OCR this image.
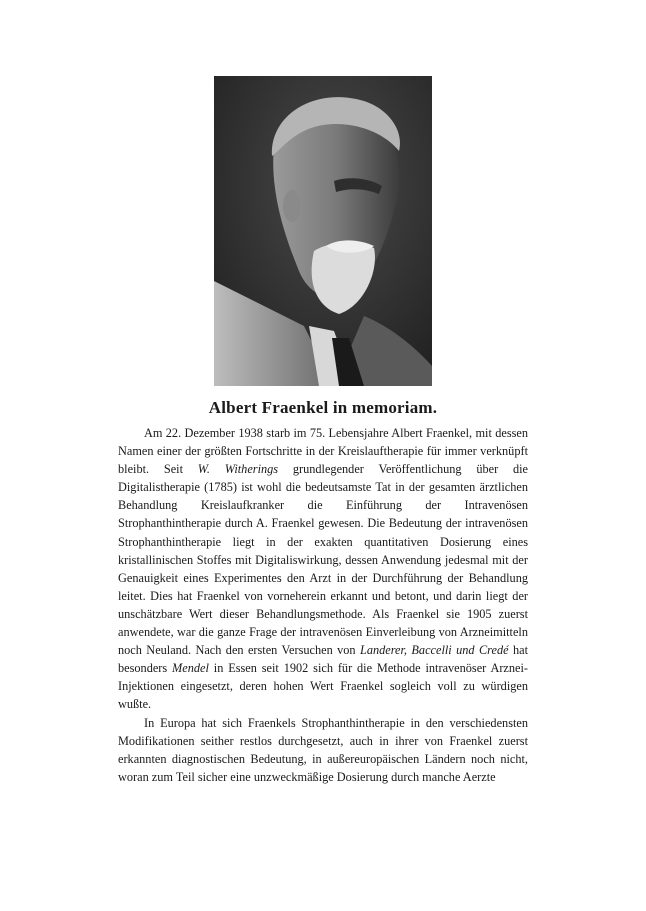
Albert Fraenkel in memoriam.

Am 22. Dezember 1938 starb im 75. Lebensjahre Albert Fraenkel, mit dessen Namen einer der größten Fortschritte in der Kreislauftherapie für immer verknüpft bleibt. Seit W. Witherings grundlegender Veröffentlichung über die Digitalistherapie (1785) ist wohl die bedeutsamste Tat in der gesamten ärztlichen Behandlung Kreislaufkranker die Einführung der Intravenösen Strophanthintherapie durch A. Fraenkel gewesen. Die Bedeutung der intravenösen Strophanthintherapie liegt in der exakten quantitativen Dosierung eines kristallinischen Stoffes mit Digitaliswirkung, dessen Anwendung jedesmal mit der Genauigkeit eines Experimentes den Arzt in der Durchführung der Behandlung leitet. Dies hat Fraenkel von vorneherein erkannt und betont, und darin liegt der unschätzbare Wert dieser Behandlungsmethode. Als Fraenkel sie 1905 zuerst anwendete, war die ganze Frage der intravenösen Einverleibung von Arzneimitteln noch Neuland. Nach den ersten Versuchen von Landerer, Baccelli und Credé hat besonders Mendel in Essen seit 1902 sich für die Methode intravenöser Arznei-Injektionen eingesetzt, deren hohen Wert Fraenkel sogleich voll zu würdigen wußte.

In Europa hat sich Fraenkels Strophanthintherapie in den verschiedensten Modifikationen seither restlos durchgesetzt, auch in ihrer von Fraenkel zuerst erkannten diagnostischen Bedeutung, in außereuropäischen Ländern noch nicht, woran zum Teil sicher eine unzweckmäßige Dosierung durch manche Aerzte
